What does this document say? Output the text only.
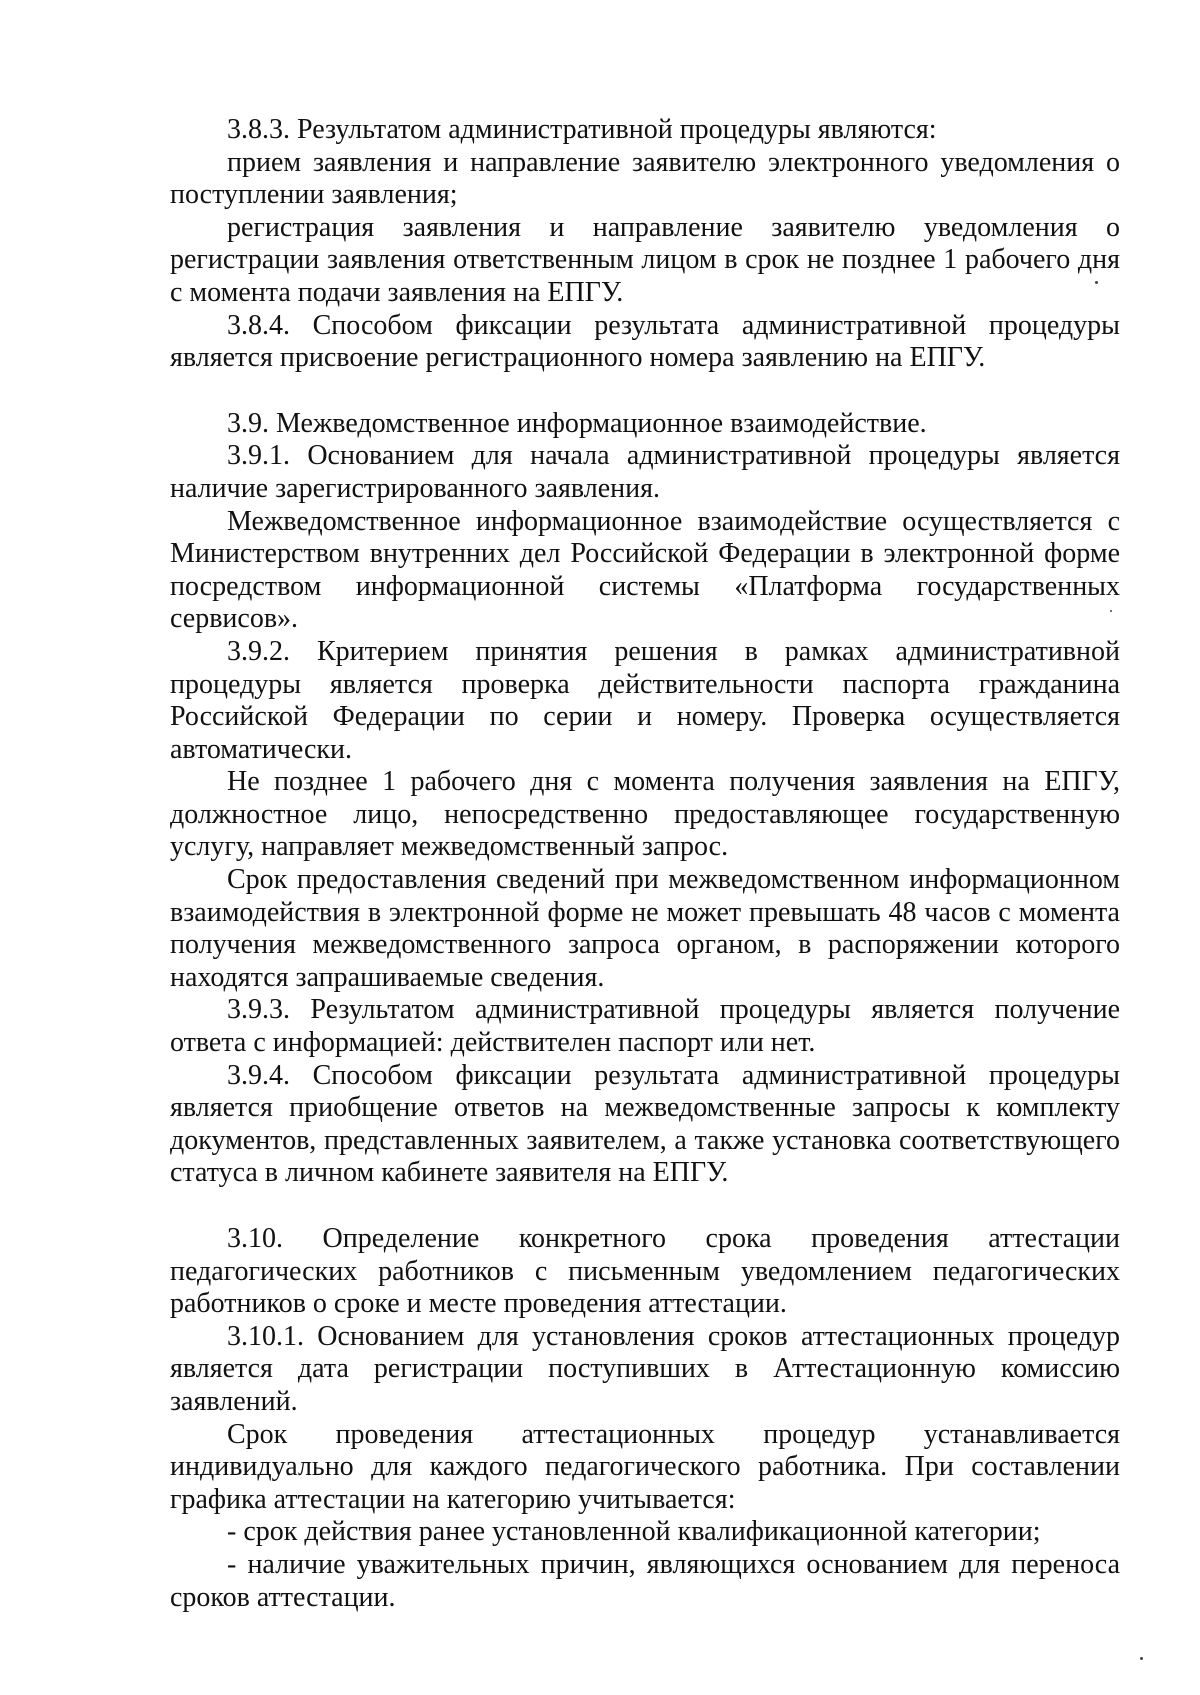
3.8.3. Результатом административной процедуры являются:

прием заявления и направление заявителю электронного уведомления о поступлении заявления;

регистрация заявления и направление заявителю уведомления о регистрации заявления ответственным лицом в срок не позднее 1 рабочего дня с момента подачи заявления на ЕПГУ.

3.8.4. Способом фиксации результата административной процедуры является присвоение регистрационного номера заявлению на ЕПГУ.

3.9. Межведомственное информационное взаимодействие.

3.9.1. Основанием для начала административной процедуры является наличие зарегистрированного заявления.

Межведомственное информационное взаимодействие осуществляется с Министерством внутренних дел Российской Федерации в электронной форме посредством информационной системы «Платформа государственных сервисов».

3.9.2. Критерием принятия решения в рамках административной процедуры является проверка действительности паспорта гражданина Российской Федерации по серии и номеру. Проверка осуществляется автоматически.

Не позднее 1 рабочего дня с момента получения заявления на ЕПГУ, должностное лицо, непосредственно предоставляющее государственную услугу, направляет межведомственный запрос.

Срок предоставления сведений при межведомственном информационном взаимодействия в электронной форме не может превышать 48 часов с момента получения межведомственного запроса органом, в распоряжении которого находятся запрашиваемые сведения.

3.9.3. Результатом административной процедуры является получение ответа с информацией: действителен паспорт или нет.

3.9.4. Способом фиксации результата административной процедуры является приобщение ответов на межведомственные запросы к комплекту документов, представленных заявителем, а также установка соответствующего статуса в личном кабинете заявителя на ЕПГУ.

3.10. Определение конкретного срока проведения аттестации педагогических работников с письменным уведомлением педагогических работников о сроке и месте проведения аттестации.

3.10.1. Основанием для установления сроков аттестационных процедур является дата регистрации поступивших в Аттестационную комиссию заявлений.

Срок проведения аттестационных процедур устанавливается индивидуально для каждого педагогического работника. При составлении графика аттестации на категорию учитывается:

- срок действия ранее установленной квалификационной категории;

- наличие уважительных причин, являющихся основанием для переноса сроков аттестации.
